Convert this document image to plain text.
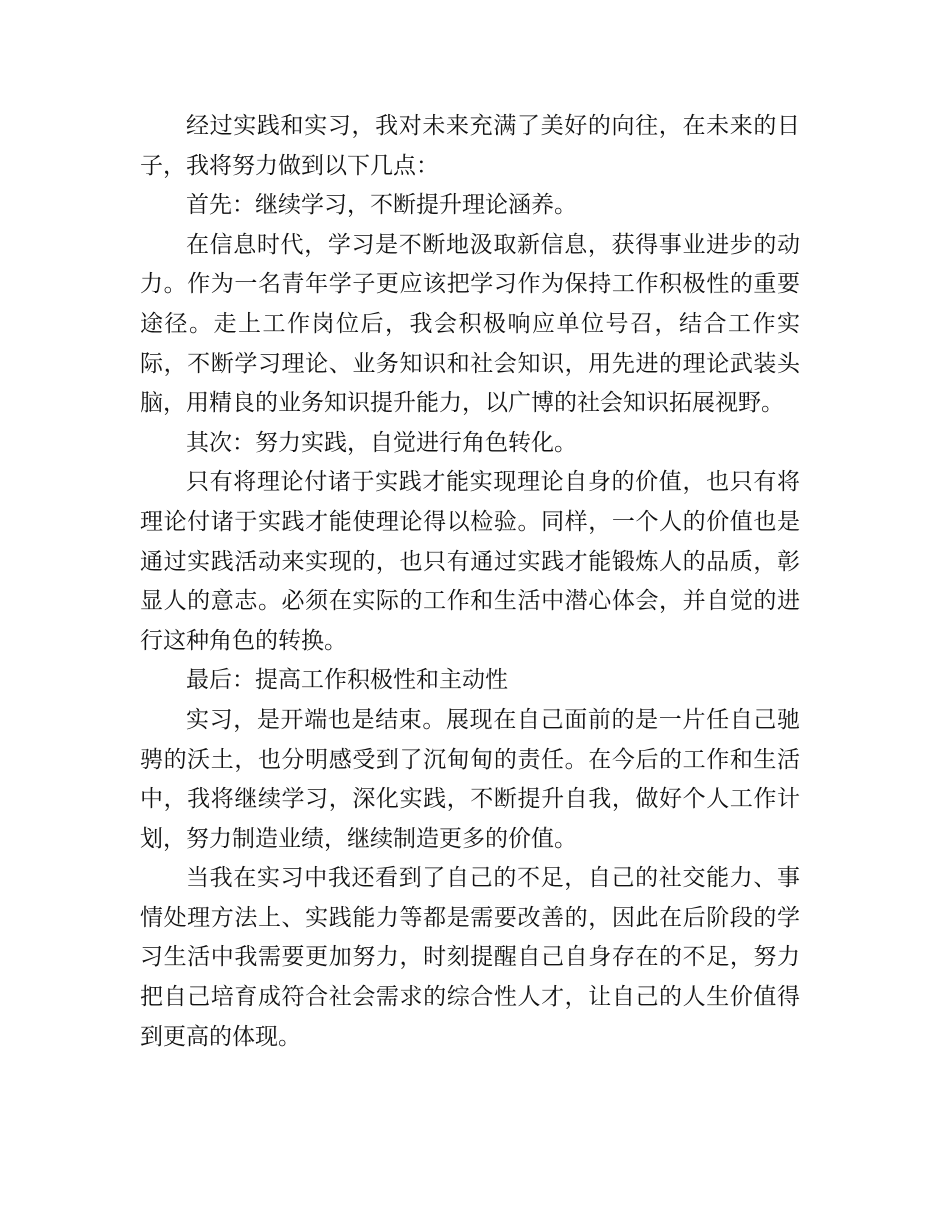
经过实践和实习，我对未来充满了美好的向往，在未来的日子，我将努力做到以下几点：

首先：继续学习，不断提升理论涵养。

在信息时代，学习是不断地汲取新信息，获得事业进步的动力。作为一名青年学子更应该把学习作为保持工作积极性的重要途径。走上工作岗位后，我会积极响应单位号召，结合工作实际，不断学习理论、业务知识和社会知识，用先进的理论武装头脑，用精良的业务知识提升能力，以广博的社会知识拓展视野。

其次：努力实践，自觉进行角色转化。

只有将理论付诸于实践才能实现理论自身的价值，也只有将理论付诸于实践才能使理论得以检验。同样，一个人的价值也是通过实践活动来实现的，也只有通过实践才能锻炼人的品质，彰显人的意志。必须在实际的工作和生活中潜心体会，并自觉的进行这种角色的转换。

最后：提高工作积极性和主动性

实习，是开端也是结束。展现在自己面前的是一片任自己驰骋的沃土，也分明感受到了沉甸甸的责任。在今后的工作和生活中，我将继续学习，深化实践，不断提升自我，做好个人工作计划，努力制造业绩，继续制造更多的价值。

当我在实习中我还看到了自己的不足，自己的社交能力、事情处理方法上、实践能力等都是需要改善的，因此在后阶段的学习生活中我需要更加努力，时刻提醒自己自身存在的不足，努力把自己培育成符合社会需求的综合性人才，让自己的人生价值得到更高的体现。
